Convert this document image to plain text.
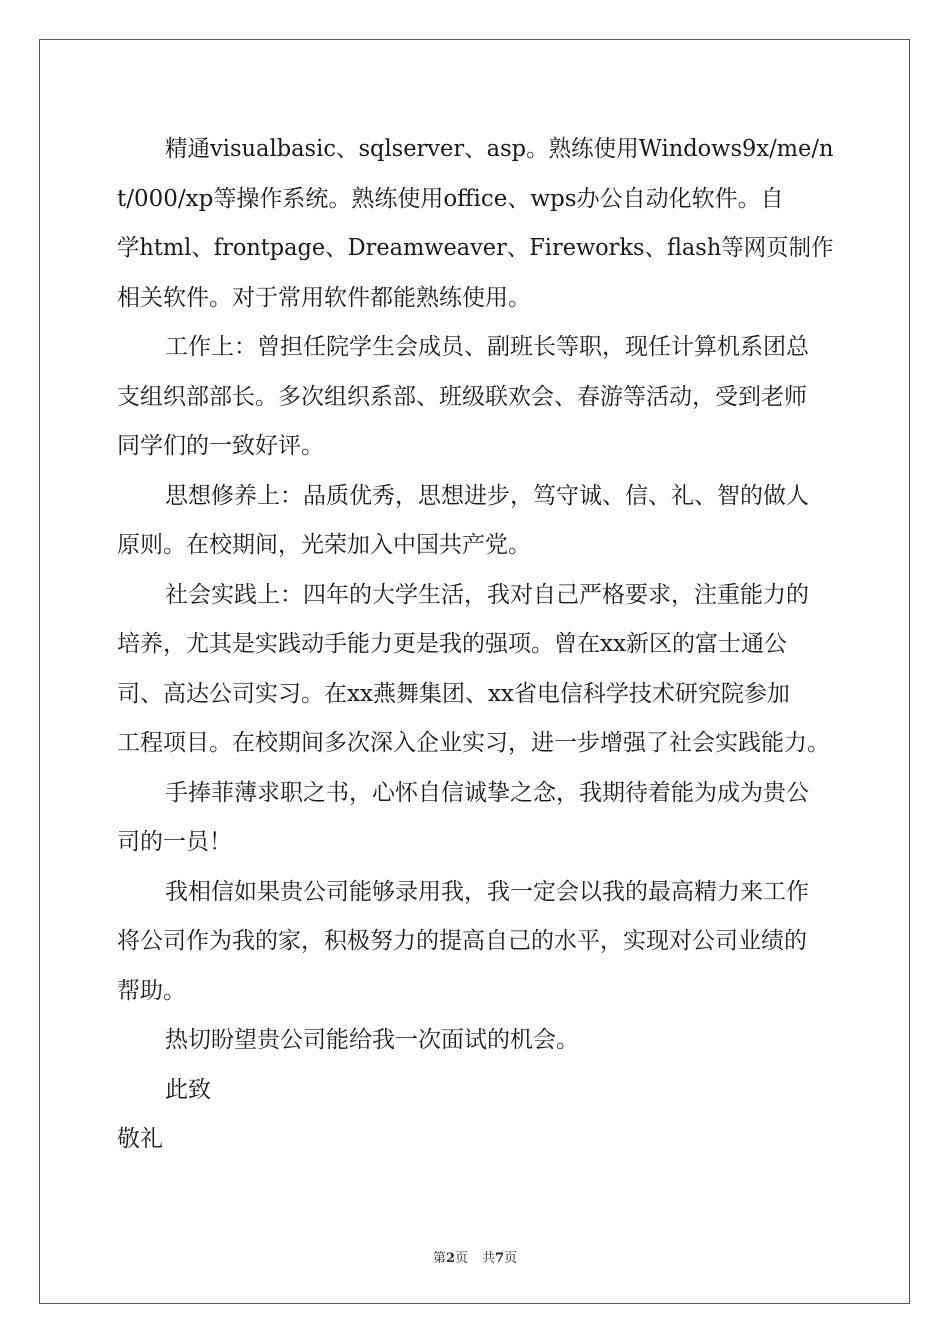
精通visualbasic、sqlserver、asp。熟练使用Windows9x/me/n
t/000/xp等操作系统。熟练使用office、wps办公自动化软件。自
学html、frontpage、Dreamweaver、Fireworks、flash等网页制作
相关软件。对于常用软件都能熟练使用。
工作上：曾担任院学生会成员、副班长等职，现任计算机系团总
支组织部部长。多次组织系部、班级联欢会、春游等活动，受到老师
同学们的一致好评。
思想修养上：品质优秀，思想进步，笃守诚、信、礼、智的做人
原则。在校期间，光荣加入中国共产党。
社会实践上：四年的大学生活，我对自己严格要求，注重能力的
培养，尤其是实践动手能力更是我的强项。曾在xx新区的富士通公
司、高达公司实习。在xx燕舞集团、xx省电信科学技术研究院参加
工程项目。在校期间多次深入企业实习，进一步增强了社会实践能力。
手捧菲薄求职之书，心怀自信诚挚之念，我期待着能为成为贵公
司的一员！
我相信如果贵公司能够录用我，我一定会以我的最高精力来工作
将公司作为我的家，积极努力的提高自己的水平，实现对公司业绩的
帮助。
热切盼望贵公司能给我一次面试的机会。
此致
敬礼
第2页 共7页
